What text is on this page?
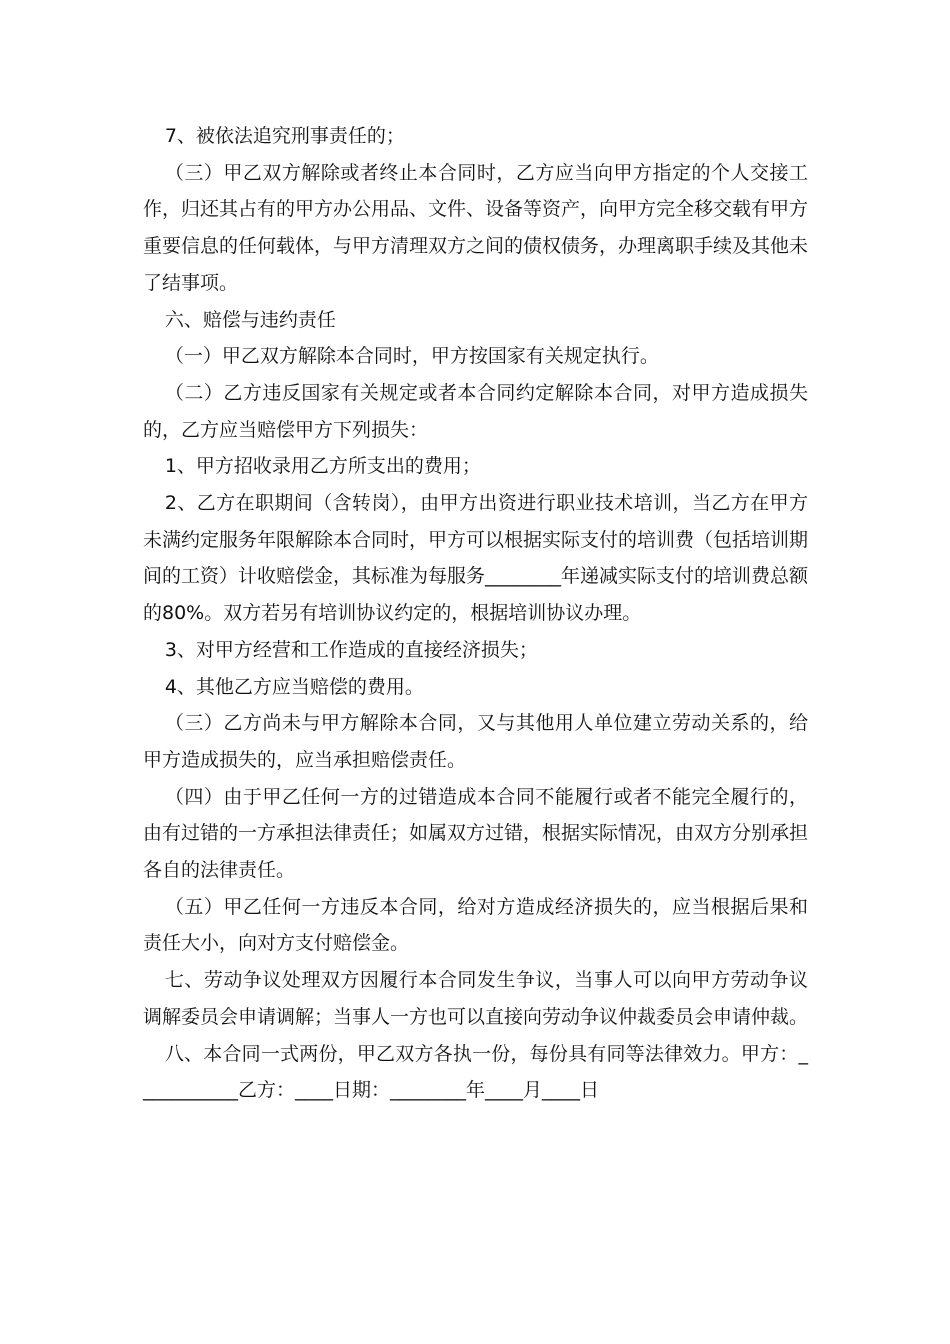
7、被依法追究刑事责任的；

（三）甲乙双方解除或者终止本合同时，乙方应当向甲方指定的个人交接工作，归还其占有的甲方办公用品、文件、设备等资产，向甲方完全移交载有甲方重要信息的任何载体，与甲方清理双方之间的债权债务，办理离职手续及其他未了结事项。

六、赔偿与违约责任

（一）甲乙双方解除本合同时，甲方按国家有关规定执行。

（二）乙方违反国家有关规定或者本合同约定解除本合同，对甲方造成损失的，乙方应当赔偿甲方下列损失：

1、甲方招收录用乙方所支出的费用；

2、乙方在职期间（含转岗），由甲方出资进行职业技术培训，当乙方在甲方未满约定服务年限解除本合同时，甲方可以根据实际支付的培训费（包括培训期间的工资）计收赔偿金，其标准为每服务________年递减实际支付的培训费总额的80%。双方若另有培训协议约定的，根据培训协议办理。

3、对甲方经营和工作造成的直接经济损失；

4、其他乙方应当赔偿的费用。

（三）乙方尚未与甲方解除本合同，又与其他用人单位建立劳动关系的，给甲方造成损失的，应当承担赔偿责任。

（四）由于甲乙任何一方的过错造成本合同不能履行或者不能完全履行的，由有过错的一方承担法律责任；如属双方过错，根据实际情况，由双方分别承担各自的法律责任。

（五）甲乙任何一方违反本合同，给对方造成经济损失的，应当根据后果和责任大小，向对方支付赔偿金。

七、劳动争议处理双方因履行本合同发生争议，当事人可以向甲方劳动争议调解委员会申请调解；当事人一方也可以直接向劳动争议仲裁委员会申请仲裁。

八、本合同一式两份，甲乙双方各执一份，每份具有同等法律效力。甲方：___________乙方：____日期：________年____月____日
